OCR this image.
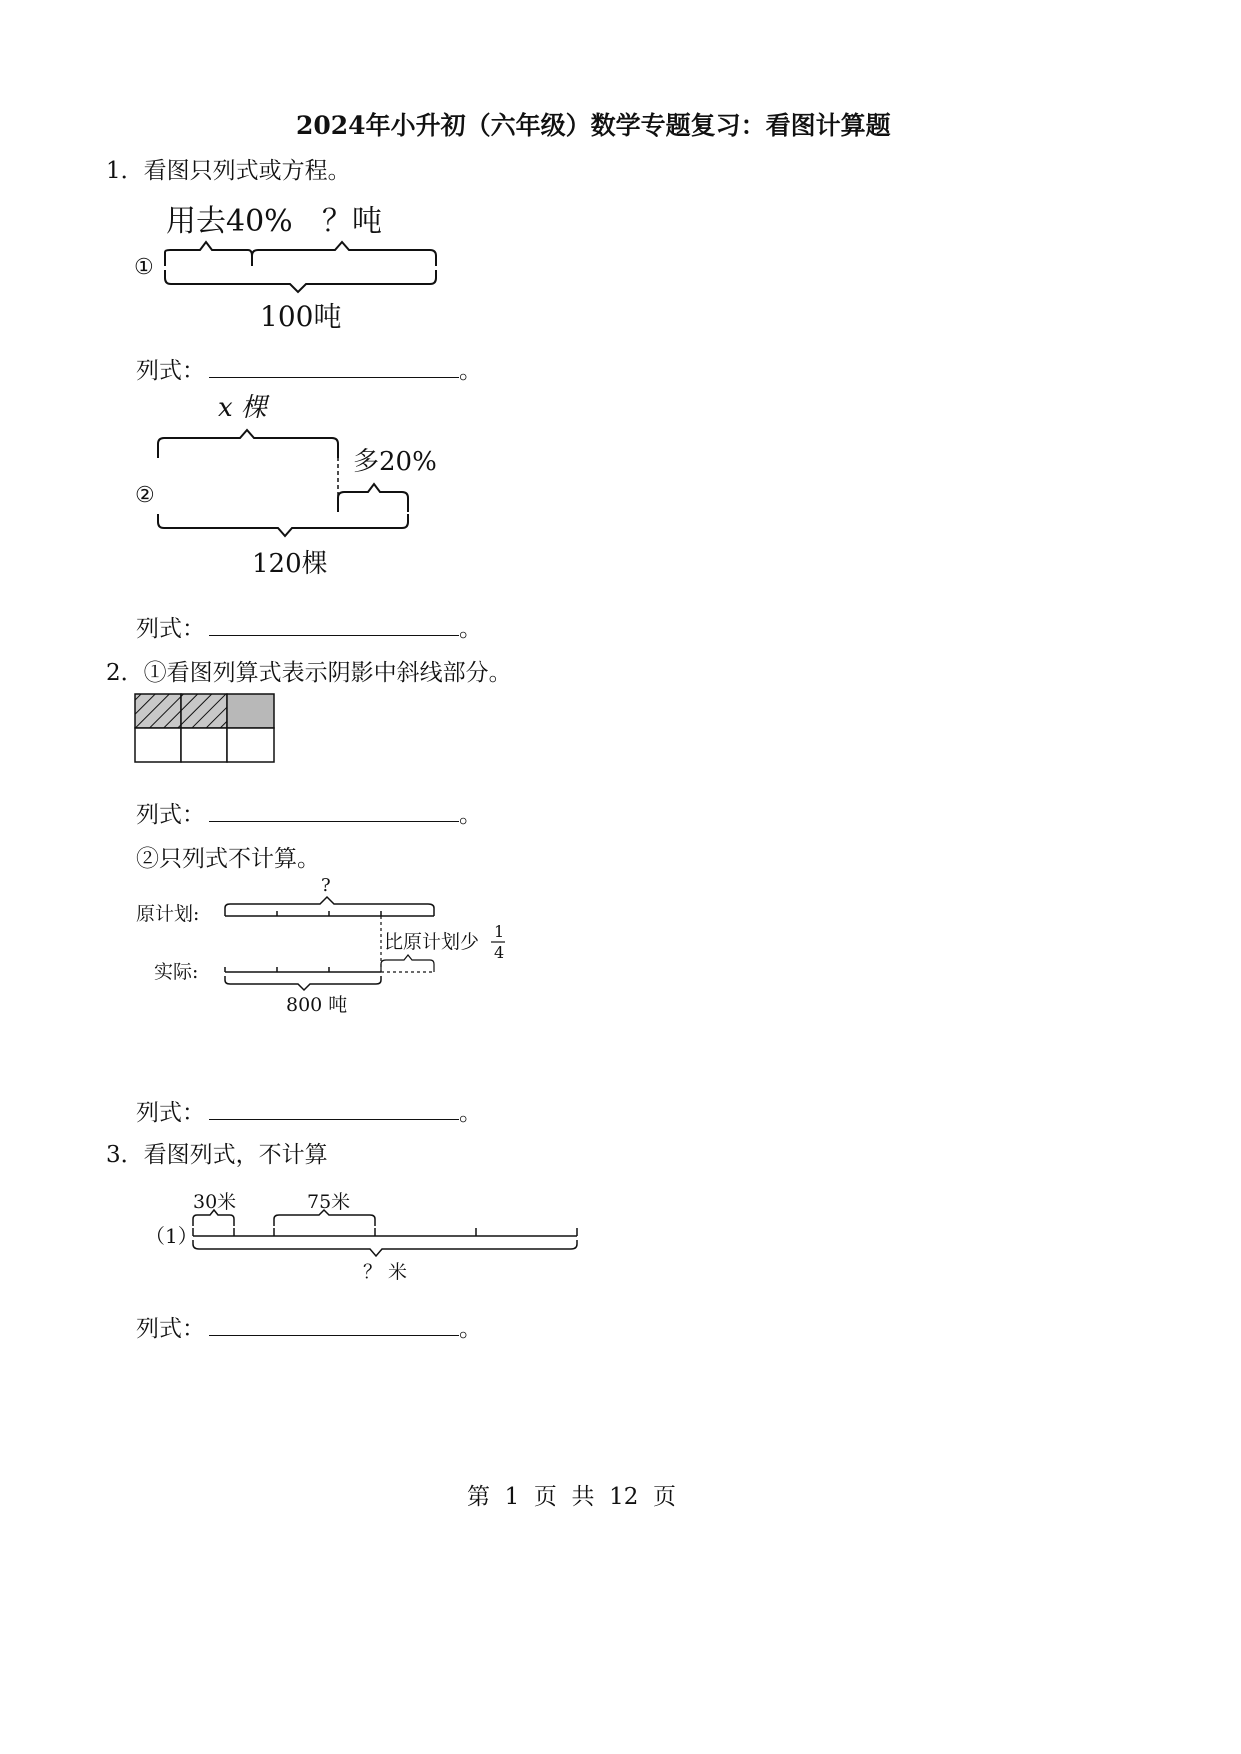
2024年小升初（六年级）数学专题复习：看图计算题
1．看图只列式或方程。
用去40% ？吨
100吨
①
列式：	。
x 棵
多20%
120棵
②
列式：	。
2．①看图列算式表示阴影中斜线部分。
列式：	。
②只列式不计算。
?
原计划:
实际:
比原计划少 1
4
800 吨
列式：	。
3．看图列式，不计算
30米	75米
？ 米
（1）
列式：	。
第  1  页  共  12  页
